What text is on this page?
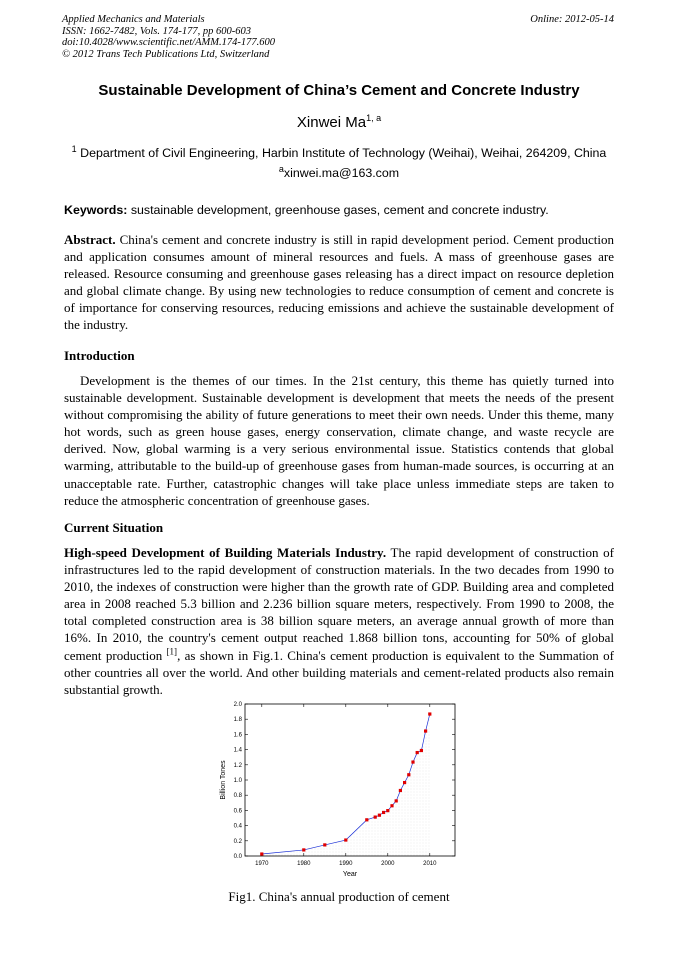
Applied Mechanics and Materials
ISSN: 1662-7482, Vols. 174-177, pp 600-603
doi:10.4028/www.scientific.net/AMM.174-177.600
© 2012 Trans Tech Publications Ltd, Switzerland
Online: 2012-05-14
Sustainable Development of China’s Cement and Concrete Industry
Xinwei Ma$^{1, a}$
$^1$ Department of Civil Engineering, Harbin Institute of Technology (Weihai), Weihai, 264209, China
$^a$xinwei.ma@163.com
Keywords: sustainable development, greenhouse gases, cement and concrete industry.

Abstract. China's cement and concrete industry is still in rapid development period. Cement production and application consumes amount of mineral resources and fuels. A mass of greenhouse gases are released. Resource consuming and greenhouse gases releasing has a direct impact on resource depletion and global climate change. By using new technologies to reduce consumption of cement and concrete is of importance for conserving resources, reducing emissions and achieve the sustainable development of the industry.

Introduction

Development is the themes of our times. In the 21st century, this theme has quietly turned into sustainable development. Sustainable development is development that meets the needs of the present without compromising the ability of future generations to meet their own needs. Under this theme, many hot words, such as green house gases, energy conservation, climate change, and waste recycle are derived. Now, global warming is a very serious environmental issue. Statistics contends that global warming, attributable to the build-up of greenhouse gases from human-made sources, is occurring at an unacceptable rate. Further, catastrophic changes will take place unless immediate steps are taken to reduce the atmospheric concentration of greenhouse gases.

Current Situation

High-speed Development of Building Materials Industry. The rapid development of construction of infrastructures led to the rapid development of construction materials. In the two decades from 1990 to 2010, the indexes of construction were higher than the growth rate of GDP. Building area and completed area in 2008 reached 5.3 billion and 2.236 billion square meters, respectively. From 1990 to 2008, the total completed construction area is 38 billion square meters, an average annual growth of more than 16%. In 2010, the country's cement output reached 1.868 billion tons, accounting for 50% of global cement production [1], as shown in Fig.1. China's cement production is equivalent to the Summation of other countries all over the world. And other building materials and cement-related products also remain substantial growth.

0.0
0.2
0.4
0.6
0.8
1.0
1.2
1.4
1.6
1.8
2.0
1970	1980	1990	2000	2010
Year
Billion Tones
Fig1. China's annual production of cement
